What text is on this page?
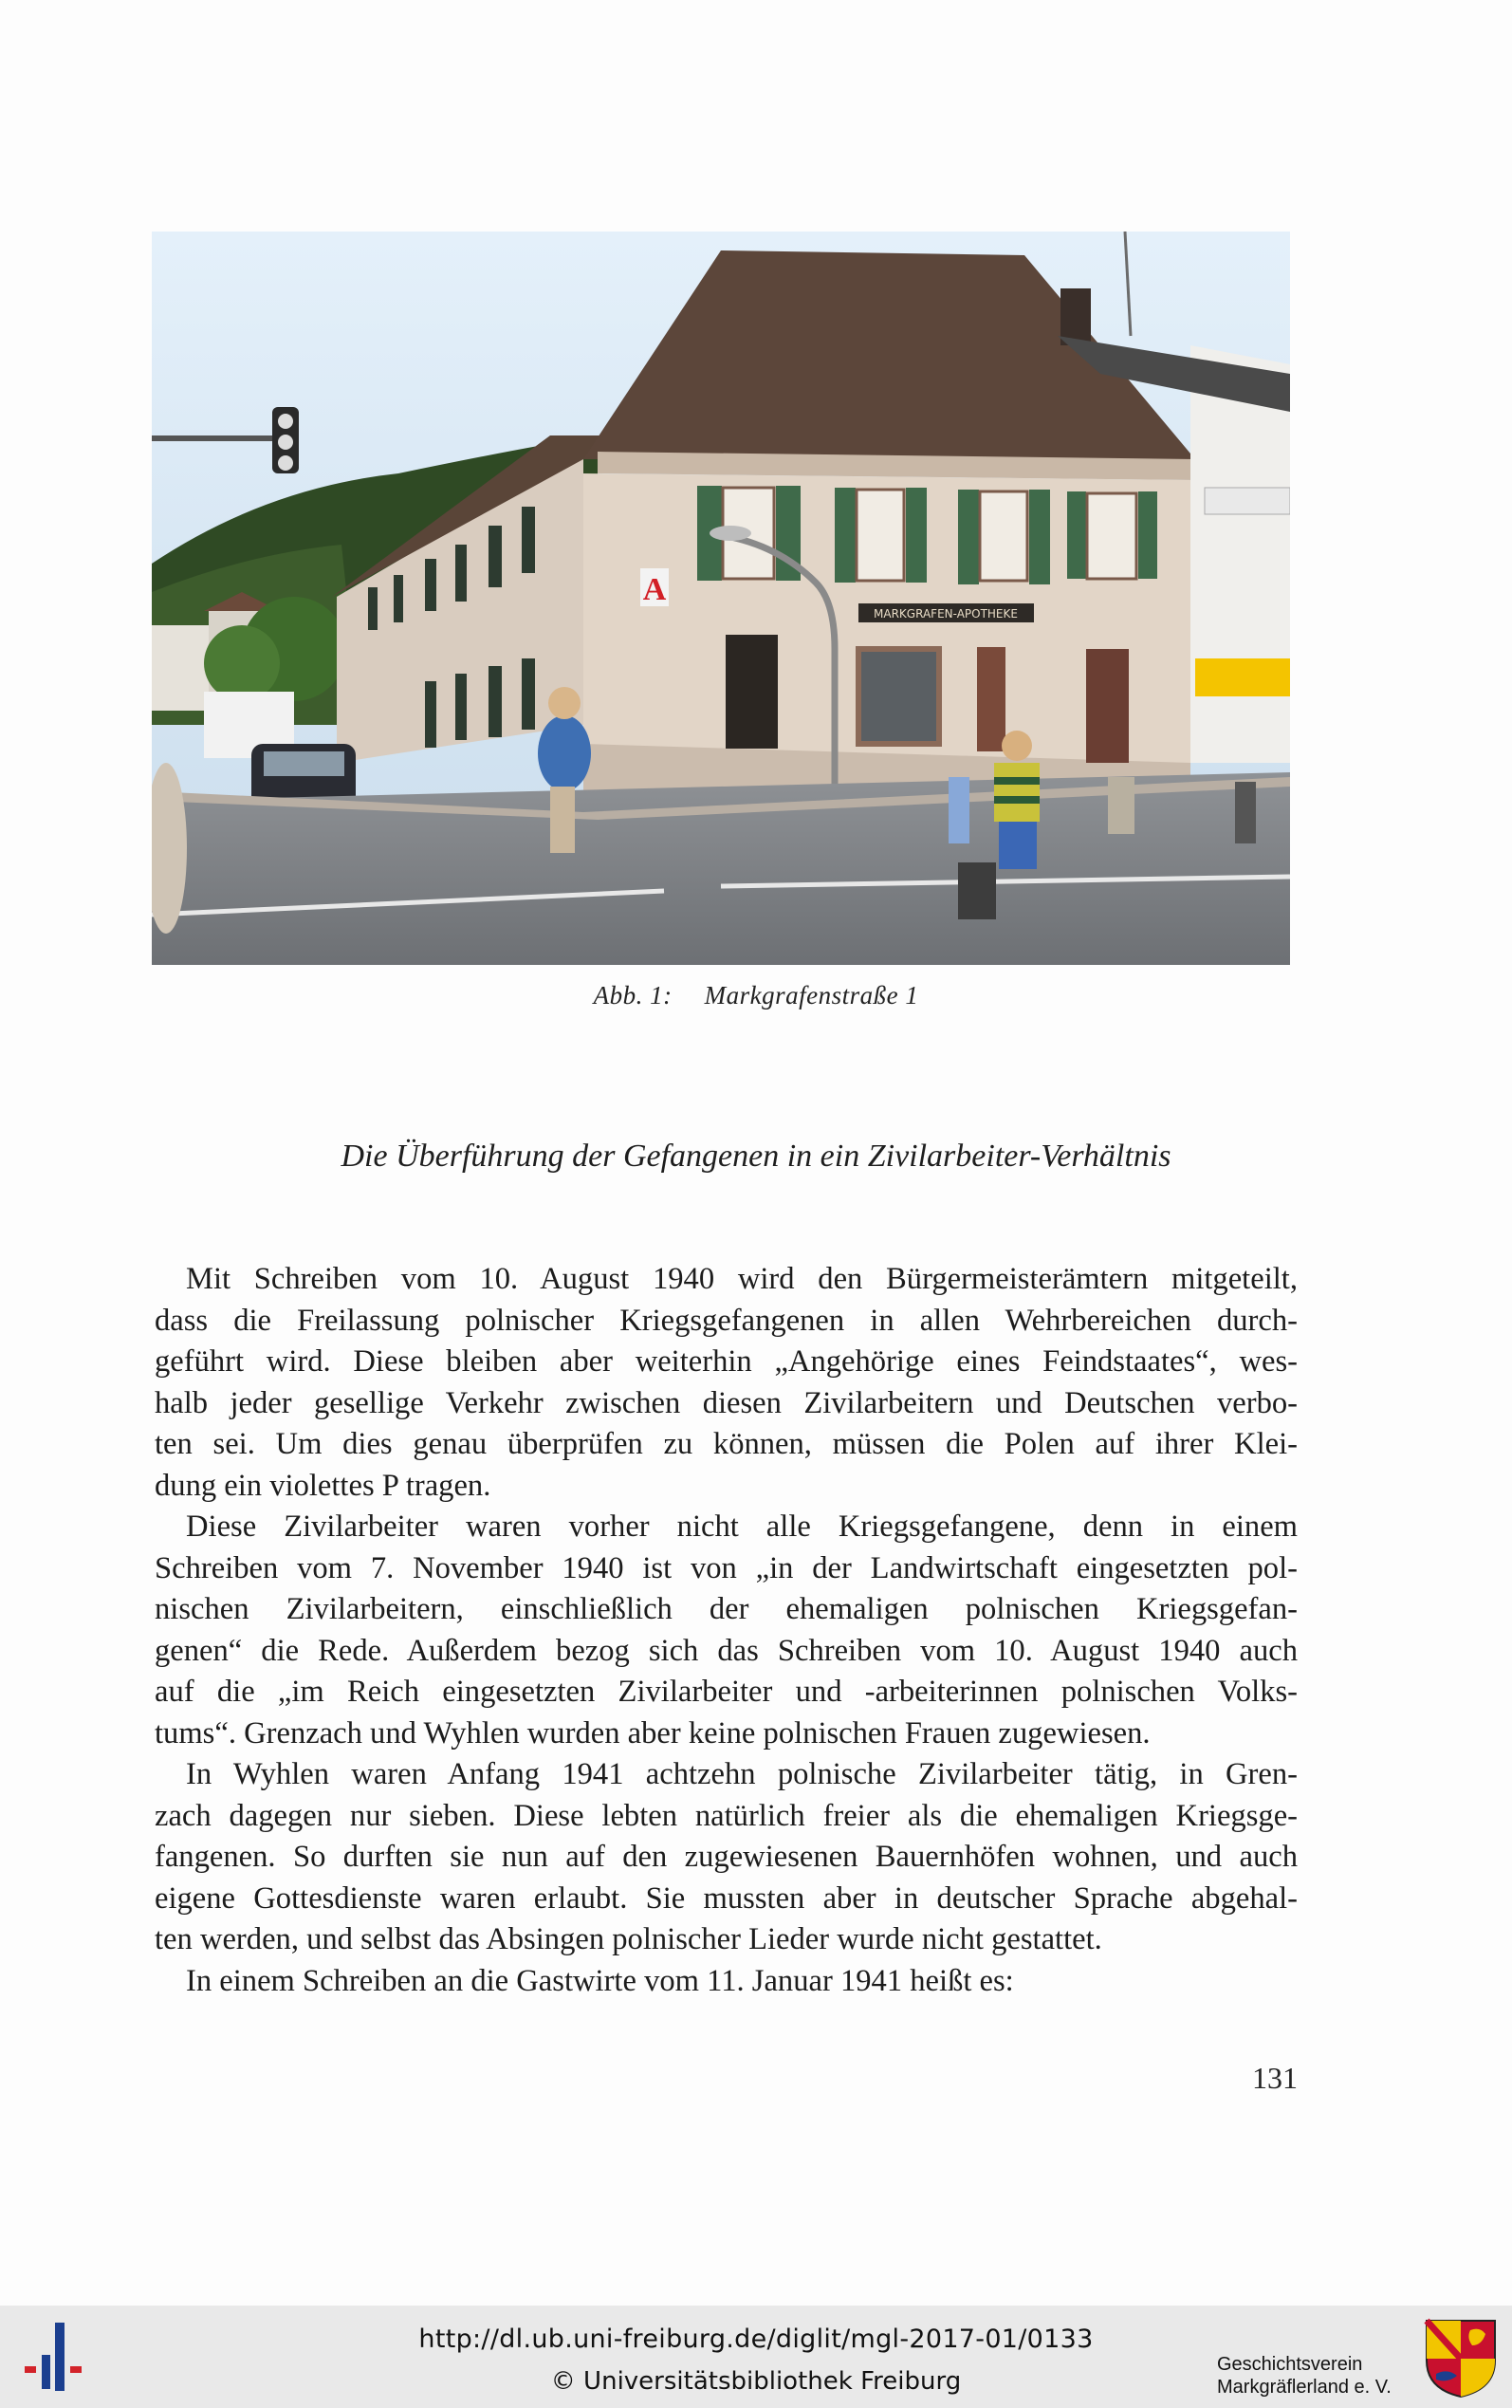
MARKGRAFEN-APOTHEKE
A
Abb. 1: Markgrafenstraße 1
Die Überführung der Gefangenen in ein Zivilarbeiter-Verhältnis
Mit Schreiben vom 10. August 1940 wird den Bürgermeisterämtern mitgeteilt,
dass die Freilassung polnischer Kriegsgefangenen in allen Wehrbereichen durch-
geführt wird. Diese bleiben aber weiterhin „Angehörige eines Feindstaates“, wes-
halb jeder gesellige Verkehr zwischen diesen Zivilarbeitern und Deutschen verbo-
ten sei. Um dies genau überprüfen zu können, müssen die Polen auf ihrer Klei-
dung ein violettes P tragen.
Diese Zivilarbeiter waren vorher nicht alle Kriegsgefangene, denn in einem
Schreiben vom 7. November 1940 ist von „in der Landwirtschaft eingesetzten pol-
nischen Zivilarbeitern, einschließlich der ehemaligen polnischen Kriegsgefan-
genen“ die Rede. Außerdem bezog sich das Schreiben vom 10. August 1940 auch
auf die „im Reich eingesetzten Zivilarbeiter und -arbeiterinnen polnischen Volks-
tums“. Grenzach und Wyhlen wurden aber keine polnischen Frauen zugewiesen.
In Wyhlen waren Anfang 1941 achtzehn polnische Zivilarbeiter tätig, in Gren-
zach dagegen nur sieben. Diese lebten natürlich freier als die ehemaligen Kriegsge-
fangenen. So durften sie nun auf den zugewiesenen Bauernhöfen wohnen, und auch
eigene Gottesdienste waren erlaubt. Sie mussten aber in deutscher Sprache abgehal-
ten werden, und selbst das Absingen polnischer Lieder wurde nicht gestattet.
In einem Schreiben an die Gastwirte vom 11. Januar 1941 heißt es:
131
http://dl.ub.uni-freiburg.de/diglit/mgl-2017-01/0133
© Universitätsbibliothek Freiburg
Geschichtsverein
Markgräflerland e. V.
